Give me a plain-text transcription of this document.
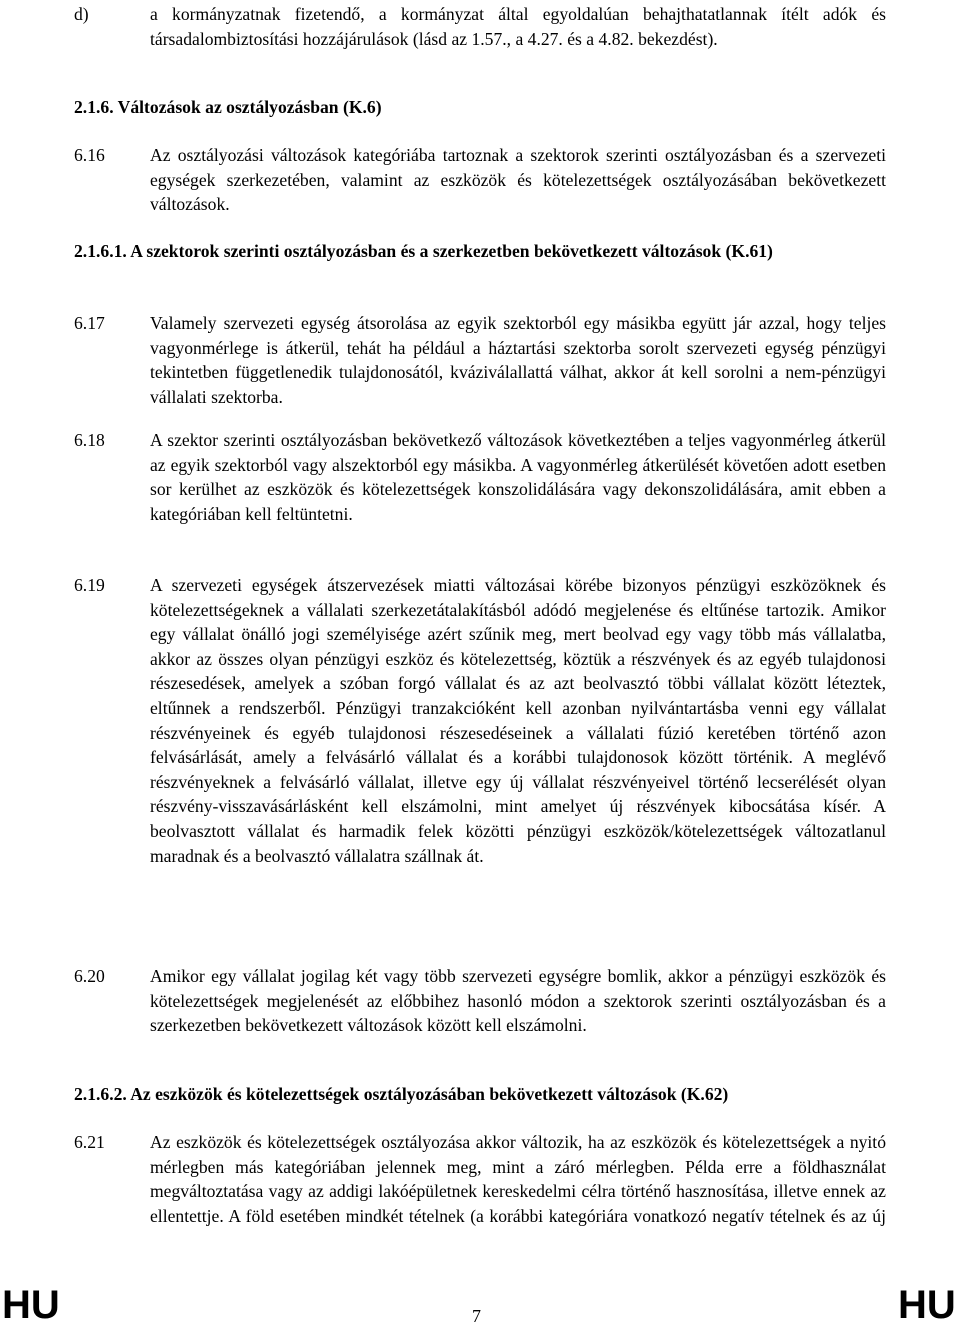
d)	a kormányzatnak fizetendő, a kormányzat által egyoldalúan behajthatatlannak ítélt adók és társadalombiztosítási hozzájárulások (lásd az 1.57., a 4.27. és a 4.82. bekezdést).
2.1.6. Változások az osztályozásban (K.6)
6.16	Az osztályozási változások kategóriába tartoznak a szektorok szerinti osztályozásban és a szervezeti egységek szerkezetében, valamint az eszközök és kötelezettségek osztályozásában bekövetkezett változások.
2.1.6.1. A szektorok szerinti osztályozásban és a szerkezetben bekövetkezett változások (K.61)
6.17	Valamely szervezeti egység átsorolása az egyik szektorból egy másikba együtt jár azzal, hogy teljes vagyonmérlege is átkerül, tehát ha például a háztartási szektorba sorolt szervezeti egység pénzügyi tekintetben függetlenedik tulajdonosától, kváziválallattá válhat, akkor át kell sorolni a nem-pénzügyi vállalati szektorba.
6.18	A szektor szerinti osztályozásban bekövetkező változások következtében a teljes vagyonmérleg átkerül az egyik szektorból vagy alszektorból egy másikba. A vagyonmérleg átkerülését követően adott esetben sor kerülhet az eszközök és kötelezettségek konszolidálására vagy dekonszolidálására, amit ebben a kategóriában kell feltüntetni.
6.19	A szervezeti egységek átszervezések miatti változásai körébe bizonyos pénzügyi eszközöknek és kötelezettségeknek a vállalati szerkezetátalakításból adódó megjelenése és eltűnése tartozik. Amikor egy vállalat önálló jogi személyisége azért szűnik meg, mert beolvad egy vagy több más vállalatba, akkor az összes olyan pénzügyi eszköz és kötelezettség, köztük a részvények és az egyéb tulajdonosi részesedések, amelyek a szóban forgó vállalat és az azt beolvasztó többi vállalat között léteztek, eltűnnek a rendszerből. Pénzügyi tranzakcióként kell azonban nyilvántartásba venni egy vállalat részvényeinek és egyéb tulajdonosi részesedéseinek a vállalati fúzió keretében történő azon felvásárlását, amely a felvásárló vállalat és a korábbi tulajdonosok között történik. A meglévő részvényeknek a felvásárló vállalat, illetve egy új vállalat részvényeivel történő lecserélését olyan részvény-visszavásárlásként kell elszámolni, mint amelyet új részvények kibocsátása kísér. A beolvasztott vállalat és harmadik felek közötti pénzügyi eszközök/kötelezettségek változatlanul maradnak és a beolvasztó vállalatra szállnak át.
6.20	Amikor egy vállalat jogilag két vagy több szervezeti egységre bomlik, akkor a pénzügyi eszközök és kötelezettségek megjelenését az előbbihez hasonló módon a szektorok szerinti osztályozásban és a szerkezetben bekövetkezett változások között kell elszámolni.
2.1.6.2. Az eszközök és kötelezettségek osztályozásában bekövetkezett változások (K.62)
6.21	Az eszközök és kötelezettségek osztályozása akkor változik, ha az eszközök és kötelezettségek a nyitó mérlegben más kategóriában jelennek meg, mint a záró mérlegben. Példa erre a földhasználat megváltoztatása vagy az addigi lakóépületnek kereskedelmi célra történő hasznosítása, illetve ennek az ellentettje. A föld esetében mindkét tételnek (a korábbi kategóriára vonatkozó negatív tételnek és az új
HU	7	HU
